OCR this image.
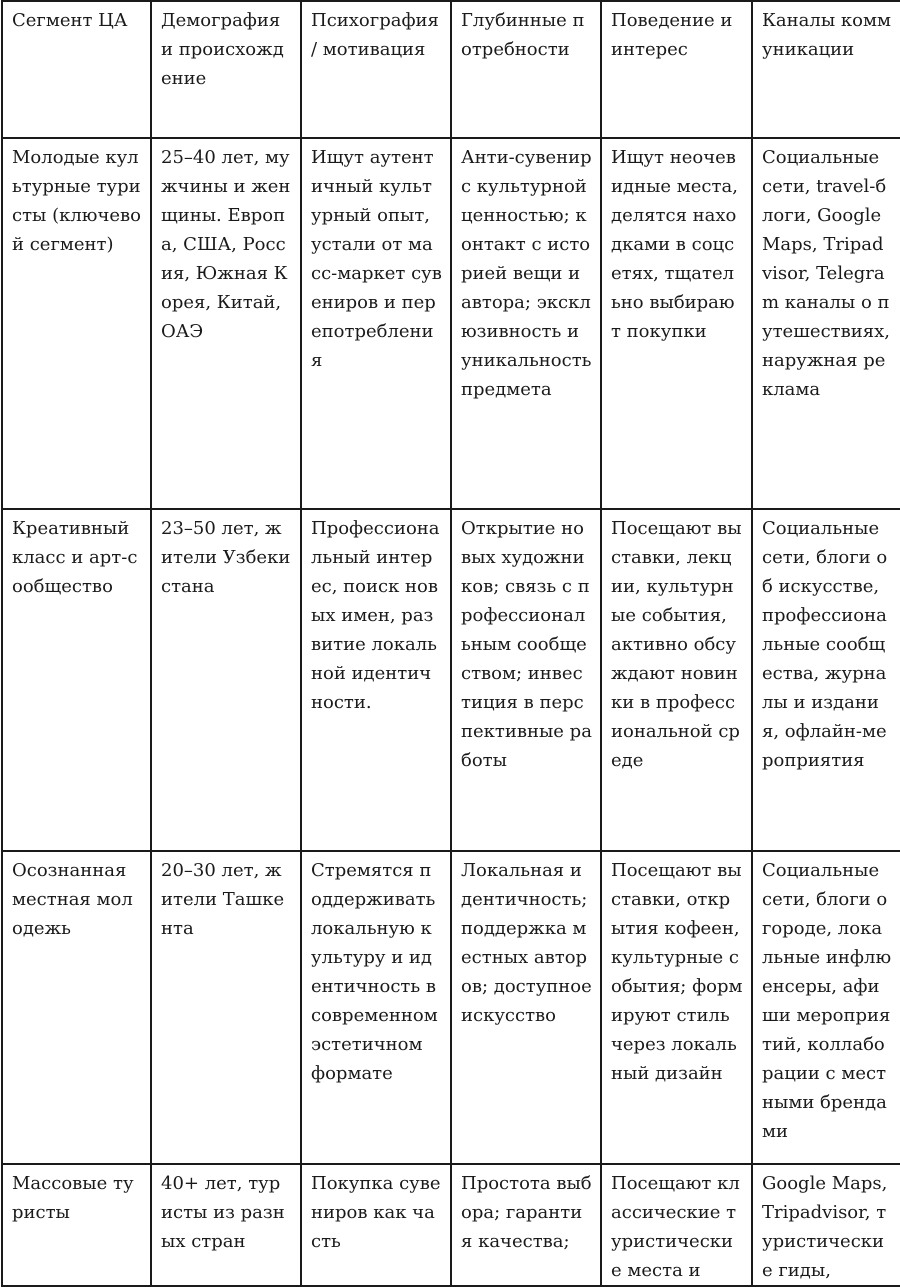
Сегмент ЦА	Демография и происхождение	Психография / мотивация	Глубинные потребности	Поведение и интерес	Каналы коммуникации

Молодые культурные туристы (ключевой сегмент)	25–40 лет, мужчины и женщины. Европа, США, Россия, Южная Корея, Китай, ОАЭ	Ищут аутентичный культурный опыт, устали от масс‑маркет сувениров и перепотребления	Анти‑сувенир с культурной ценностью; контакт с историей вещи и автора; эксклюзивность и уникальность предмета	Ищут неочевидные места, делятся находками в соцсетях, тщательно выбирают покупки	Социальные сети, travel‑блоги, Google Maps, Tripadvisor, Telegram каналы о путешествиях, наружная реклама

Креативный класс и арт‑сообщество	23–50 лет, жители Узбекистана	Профессиональный интерес, поиск новых имен, развитие локальной идентичности.	Открытие новых художников; связь с профессиональным сообществом; инвестиция в перспективные работы	Посещают выставки, лекции, культурные события, активно обсуждают новинки в профессиональной среде	Социальные сети, блоги об искусстве, профессиональные сообщества, журналы и издания, офлайн‑мероприятия

Осознанная местная молодежь	20–30 лет, жители Ташкента	Стремятся поддерживать локальную культуру и идентичность в современном эстетичном формате	Локальная идентичность; поддержка местных авторов; доступное искусство	Посещают выставки, открытия кофеен, культурные события; формируют стиль через локальный дизайн	Социальные сети, блоги о городе, локальные инфлюенсеры, афиши мероприятий, коллаборации с местными брендами

Массовые туристы	40+ лет, туристы из разных стран	Покупка сувениров как часть	Простота выбора; гарантия качества;	Посещают классические туристические места и	Google Maps, Tripadvisor, туристические гиды,
